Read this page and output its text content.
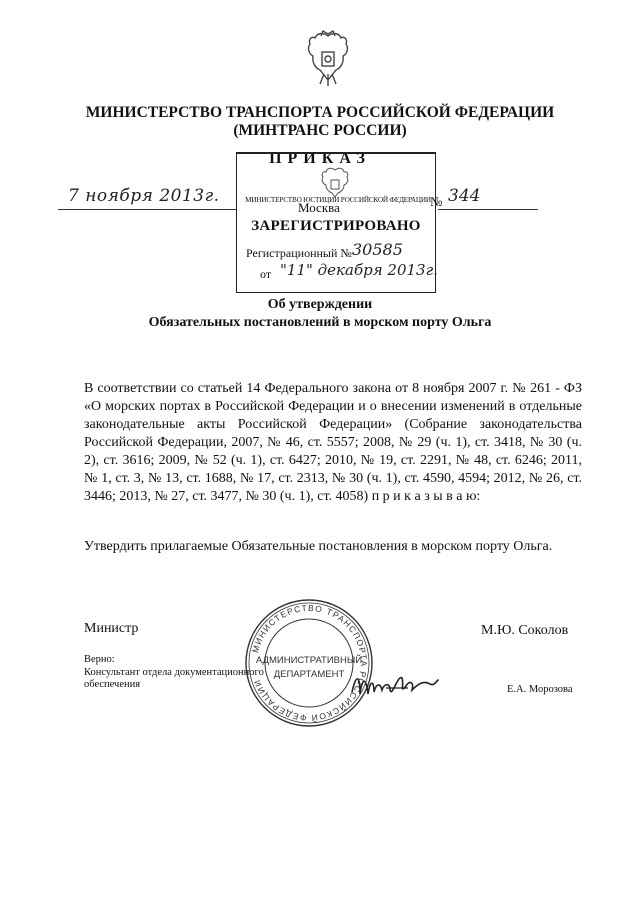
МИНИСТЕРСТВО ТРАНСПОРТА РОССИЙСКОЙ ФЕДЕРАЦИИ
(МИНТРАНС РОССИИ)
ПРИКАЗ
МИНИСТЕРСТВО ЮСТИЦИИ РОССИЙСКОЙ ФЕДЕРАЦИИ
7 ноября 2013г.
Москва	№ 344
ЗАРЕГИСТРИРОВАНО
Регистрационный № 30585
от "11" декабря 2013г.
Об утверждении
Обязательных постановлений в морском порту Ольга
В соответствии со статьей 14 Федерального закона от 8 ноября 2007 г. № 261 - ФЗ «О морских портах в Российской Федерации и о внесении изменений в отдельные законодательные акты Российской Федерации» (Собрание законодательства Российской Федерации, 2007, № 46, ст. 5557; 2008, № 29 (ч. 1), ст. 3418, № 30 (ч. 2), ст. 3616; 2009, № 52 (ч. 1), ст. 6427; 2010, № 19, ст. 2291, № 48, ст. 6246; 2011, № 1, ст. 3, № 13, ст. 1688, № 17, ст. 2313, № 30 (ч. 1), ст. 4590, 4594; 2012, № 26, ст. 3446; 2013, № 27, ст. 3477, № 30 (ч. 1), ст. 4058) п р и к а з ы в а ю:
Утвердить прилагаемые Обязательные постановления в морском порту Ольга.
Министр	М.Ю. Соколов
Верно:
Консультант отдела документационного
обеспечения	Е.А. Морозова
МИНИСТЕРСТВО ТРАНСПОРТА РОССИЙСКОЙ ФЕДЕРАЦИИ
АДМИНИСТРАТИВНЫЙ
ДЕПАРТАМЕНТ
